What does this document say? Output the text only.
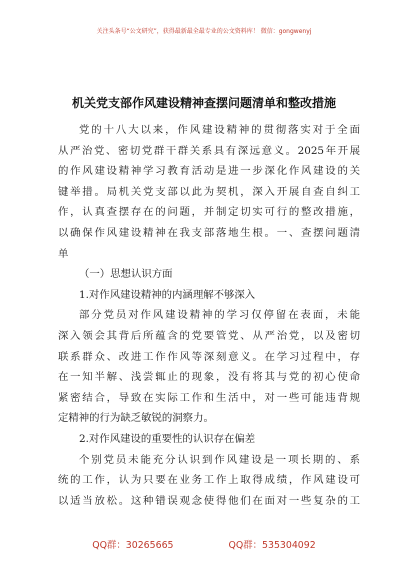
关注头条号“公文研究”，获得最新最全最专业的公文资料库！ 微信：gongwenyj
机关党支部作风建设精神查摆问题清单和整改措施
党的十八大以来，作风建设精神的贯彻落实对于全面
从严治党、密切党群干群关系具有深远意义。2025年开展
的作风建设精神学习教育活动是进一步深化作风建设的关
键举措。局机关党支部以此为契机，深入开展自查自纠工
作，认真查摆存在的问题，并制定切实可行的整改措施，
以确保作风建设精神在我支部落地生根。一、查摆问题清
单
（一）思想认识方面
1.对作风建设精神的内涵理解不够深入
部分党员对作风建设精神的学习仅停留在表面，未能
深入领会其背后所蕴含的党要管党、从严治党，以及密切
联系群众、改进工作作风等深刻意义。在学习过程中，存
在一知半解、浅尝辄止的现象，没有将其与党的初心使命
紧密结合，导致在实际工作和生活中，对一些可能违背规
定精神的行为缺乏敏锐的洞察力。
2.对作风建设的重要性的认识存在偏差
个别党员未能充分认识到作风建设是一项长期的、系
统的工作，认为只要在业务工作上取得成绩，作风建设可
以适当放松。这种错误观念使得他们在面对一些复杂的工
QQ群：30265665	QQ群：535304092
